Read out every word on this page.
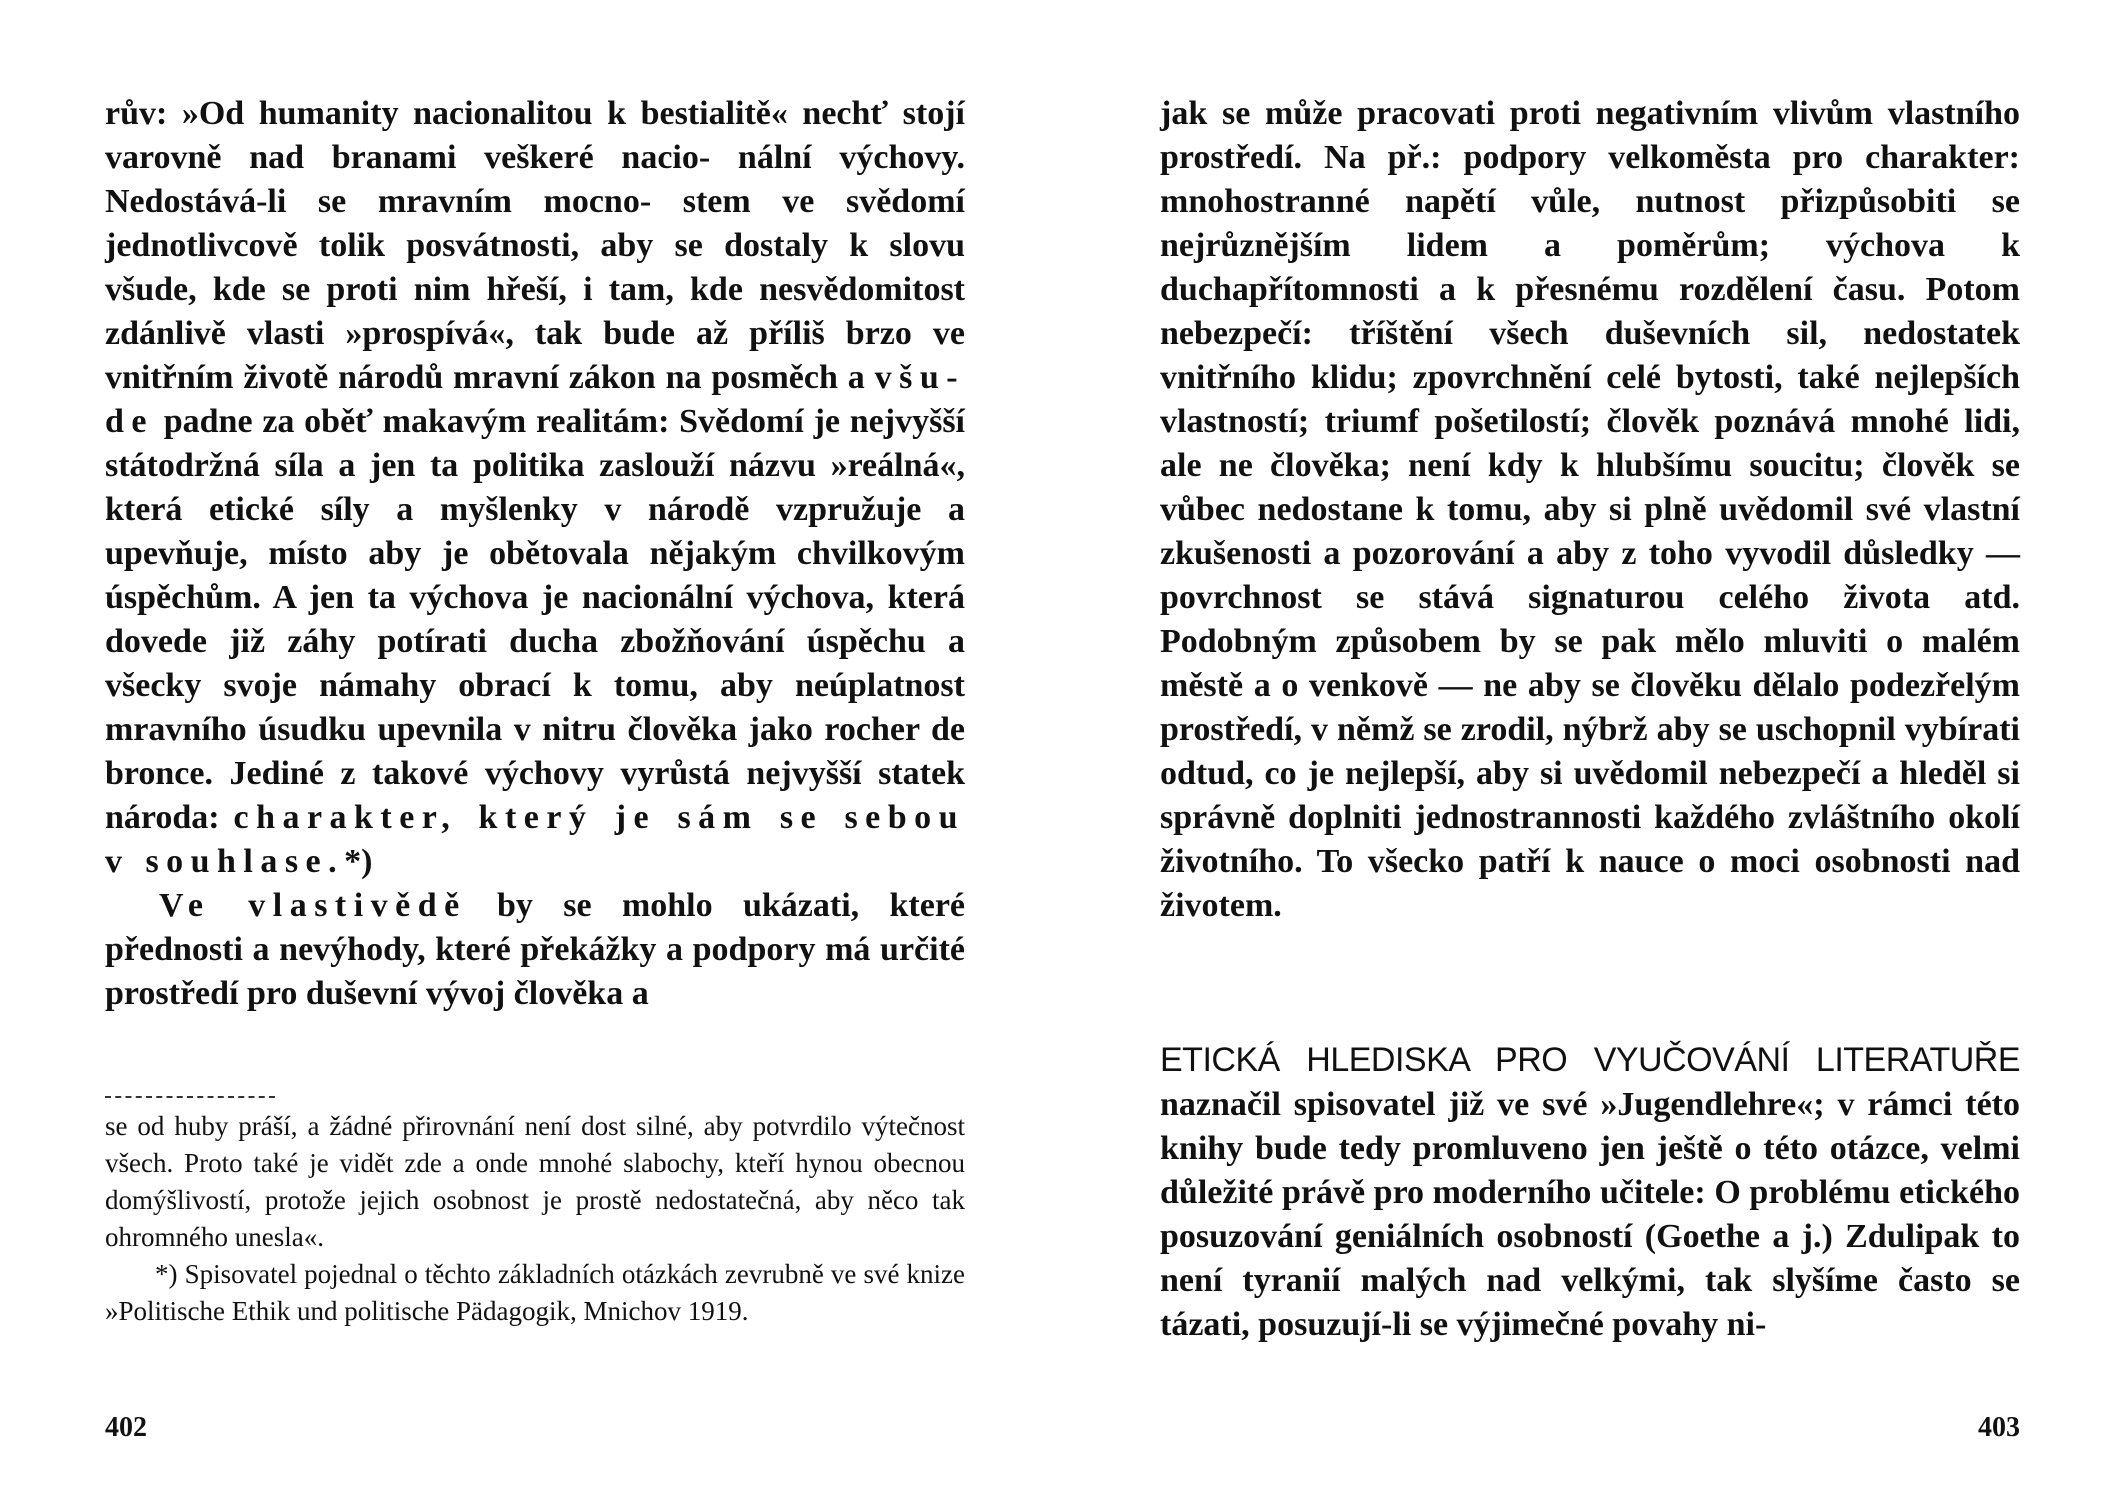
rův: »Od humanity nacionalitou k bestialitě« nechť stojí varovně nad branami veškeré nacio- nální výchovy. Nedostává-li se mravním mocno- stem ve svědomí jednotlivcově tolik posvátnosti, aby se dostaly k slovu všude, kde se proti nim hřeší, i tam, kde nesvědomitost zdánlivě vlasti »prospívá«, tak bude až příliš brzo ve vnitřním životě národů mravní zákon na posměch a všu-de padne za oběť makavým realitám: Svědomí je nejvyšší státodržná síla a jen ta politika zaslouží názvu »reálná«, která etické síly a myšlenky v národě vzpružuje a upevňuje, místo aby je obětovala nějakým chvilkovým úspěchům. A jen ta výchova je nacionální výchova, která dovede již záhy potírati ducha zbožňování úspěchu a všecky svoje námahy obrací k tomu, aby neúplatnost mravního úsudku upevnila v nitru člověka jako rocher de bronce. Jediné z takové výchovy vyrůstá nejvyšší statek národa: charakter, který je sám se sebou v souhlase.*)

Ve vlastivědě by se mohlo ukázati, které přednosti a nevýhody, které překážky a podpory má určité prostředí pro duševní vývoj člověka a

se od huby práší, a žádné přirovnání není dost silné, aby potvrdilo výtečnost všech. Proto také je vidět zde a onde mnohé slabochy, kteří hynou obecnou domýšlivostí, protože jejich osobnost je prostě nedostatečná, aby něco tak ohromného unesla«.

*) Spisovatel pojednal o těchto základních otázkách zevrubně ve své knize »Politische Ethik und politische Pädagogik, Mnichov 1919.

402

jak se může pracovati proti negativním vlivům vlastního prostředí. Na př.: podpory velkoměsta pro charakter: mnohostranné napětí vůle, nutnost přizpůsobiti se nejrůznějším lidem a poměrům; výchova k duchapřítomnosti a k přesnému rozdělení času. Potom nebezpečí: tříštění všech duševních sil, nedostatek vnitřního klidu; zpovrchnění celé bytosti, také nejlepších vlastností; triumf pošetilostí; člověk poznává mnohé lidi, ale ne člověka; není kdy k hlubšímu soucitu; člověk se vůbec nedostane k tomu, aby si plně uvědomil své vlastní zkušenosti a pozorování a aby z toho vyvodil důsledky — povrchnost se stává signaturou celého života atd. Podobným způsobem by se pak mělo mluviti o malém městě a o venkově — ne aby se člověku dělalo podezřelým prostředí, v němž se zrodil, nýbrž aby se uschopnil vybírati odtud, co je nejlepší, aby si uvědomil nebezpečí a hleděl si správně doplniti jednostrannosti každého zvláštního okolí životního. To všecko patří k nauce o moci osobnosti nad životem.

ETICKÁ HLEDISKA PRO VYUČOVÁNÍ LITERATUŘE naznačil spisovatel již ve své »Jugendlehre«; v rámci této knihy bude tedy promluveno jen ještě o této otázce, velmi důležité právě pro moderního učitele: O problému etického posuzování geniálních osobností (Goethe a j.) Zdulipak to není tyranií malých nad velkými, tak slyšíme často se tázati, posuzují-li se výjimečné povahy ni-

403
